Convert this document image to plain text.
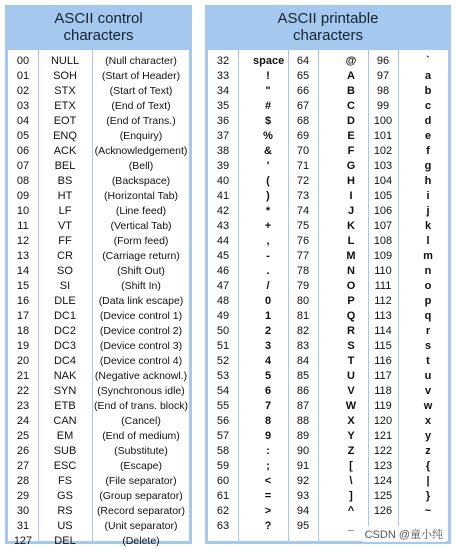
ASCII control
characters
00	NULL	(Null character)
01	SOH	(Start of Header)
02	STX	(Start of Text)
03	ETX	(End of Text)
04	EOT	(End of Trans.)
05	ENQ	(Enquiry)
06	ACK	(Acknowledgement)
07	BEL	(Bell)
08	BS	(Backspace)
09	HT	(Horizontal Tab)
10	LF	(Line feed)
11	VT	(Vertical Tab)
12	FF	(Form feed)
13	CR	(Carriage return)
14	SO	(Shift Out)
15	SI	(Shift In)
16	DLE	(Data link escape)
17	DC1	(Device control 1)
18	DC2	(Device control 2)
19	DC3	(Device control 3)
20	DC4	(Device control 4)
21	NAK	(Negative acknowl.)
22	SYN	(Synchronous idle)
23	ETB	(End of trans. block)
24	CAN	(Cancel)
25	EM	(End of medium)
26	SUB	(Substitute)
27	ESC	(Escape)
28	FS	(File separator)
29	GS	(Group separator)
30	RS	(Record separator)
31	US	(Unit separator)
127	DEL	(Delete)
ASCII printable
characters
32	space	64	@	96	`
33	!	65	A	97	a
34	"	66	B	98	b
35	#	67	C	99	c
36	$	68	D	100	d
37	%	69	E	101	e
38	&	70	F	102	f
39	'	71	G	103	g
40	(	72	H	104	h
41	)	73	I	105	i
42	*	74	J	106	j
43	+	75	K	107	k
44	,	76	L	108	l
45	-	77	M	109	m
46	.	78	N	110	n
47	/	79	O	111	o
48	0	80	P	112	p
49	1	81	Q	113	q
50	2	82	R	114	r
51	3	83	S	115	s
52	4	84	T	116	t
53	5	85	U	117	u
54	6	86	V	118	v
55	7	87	W	119	w
56	8	88	X	120	x
57	9	89	Y	121	y
58	:	90	Z	122	z
59	;	91	[	123	{
60	<	92	\	124	|
61	=	93	]	125	}
62	>	94	^	126	~
63	?	95	_
CSDN @童小纯
